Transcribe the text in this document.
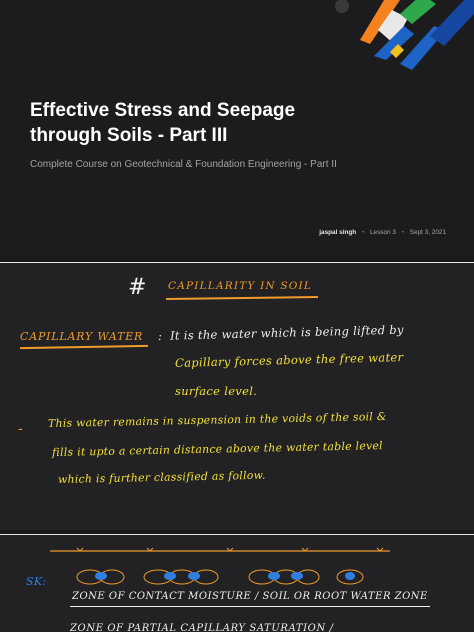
Effective Stress and Seepage
through Soils - Part III
Complete Course on Geotechnical & Foundation Engineering - Part II
jaspal singh • Lesson 3 • Sept 3, 2021
# CAPILLARITY IN SOIL
CAPILLARY WATER : It is the water which is being lifted by
Capillary forces above the free water
surface level.
- This water remains in suspension in the voids of the soil &
fills it upto a certain distance above the water table level
which is further classified as follow.
SK:
ZONE OF CONTACT MOISTURE / SOIL OR ROOT WATER ZONE
ZONE OF PARTIAL CAPILLARY SATURATION /
